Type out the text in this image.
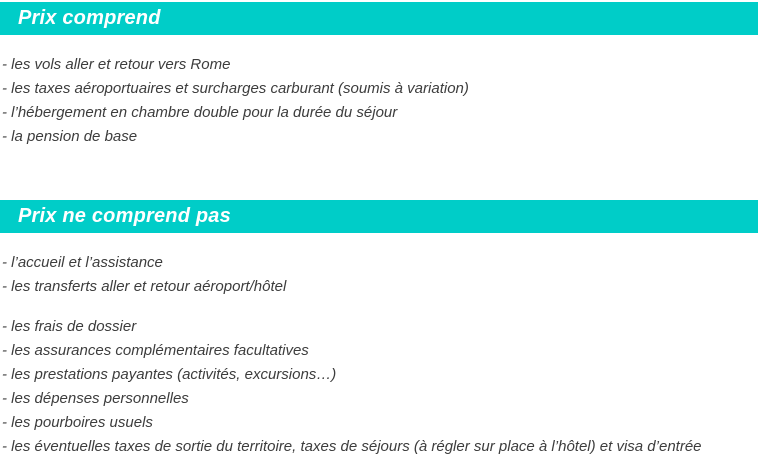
Prix comprend
- les vols aller et retour vers Rome
- les taxes aéroportuaires et surcharges carburant (soumis à variation)
- l’hébergement en chambre double pour la durée du séjour
- la pension de base
Prix ne comprend pas
- l’accueil et l’assistance
- les transferts aller et retour aéroport/hôtel
- les frais de dossier
- les assurances complémentaires facultatives
- les prestations payantes (activités, excursions…)
- les dépenses personnelles
- les pourboires usuels
- les éventuelles taxes de sortie du territoire, taxes de séjours (à régler sur place à l’hôtel) et visa d’entrée
